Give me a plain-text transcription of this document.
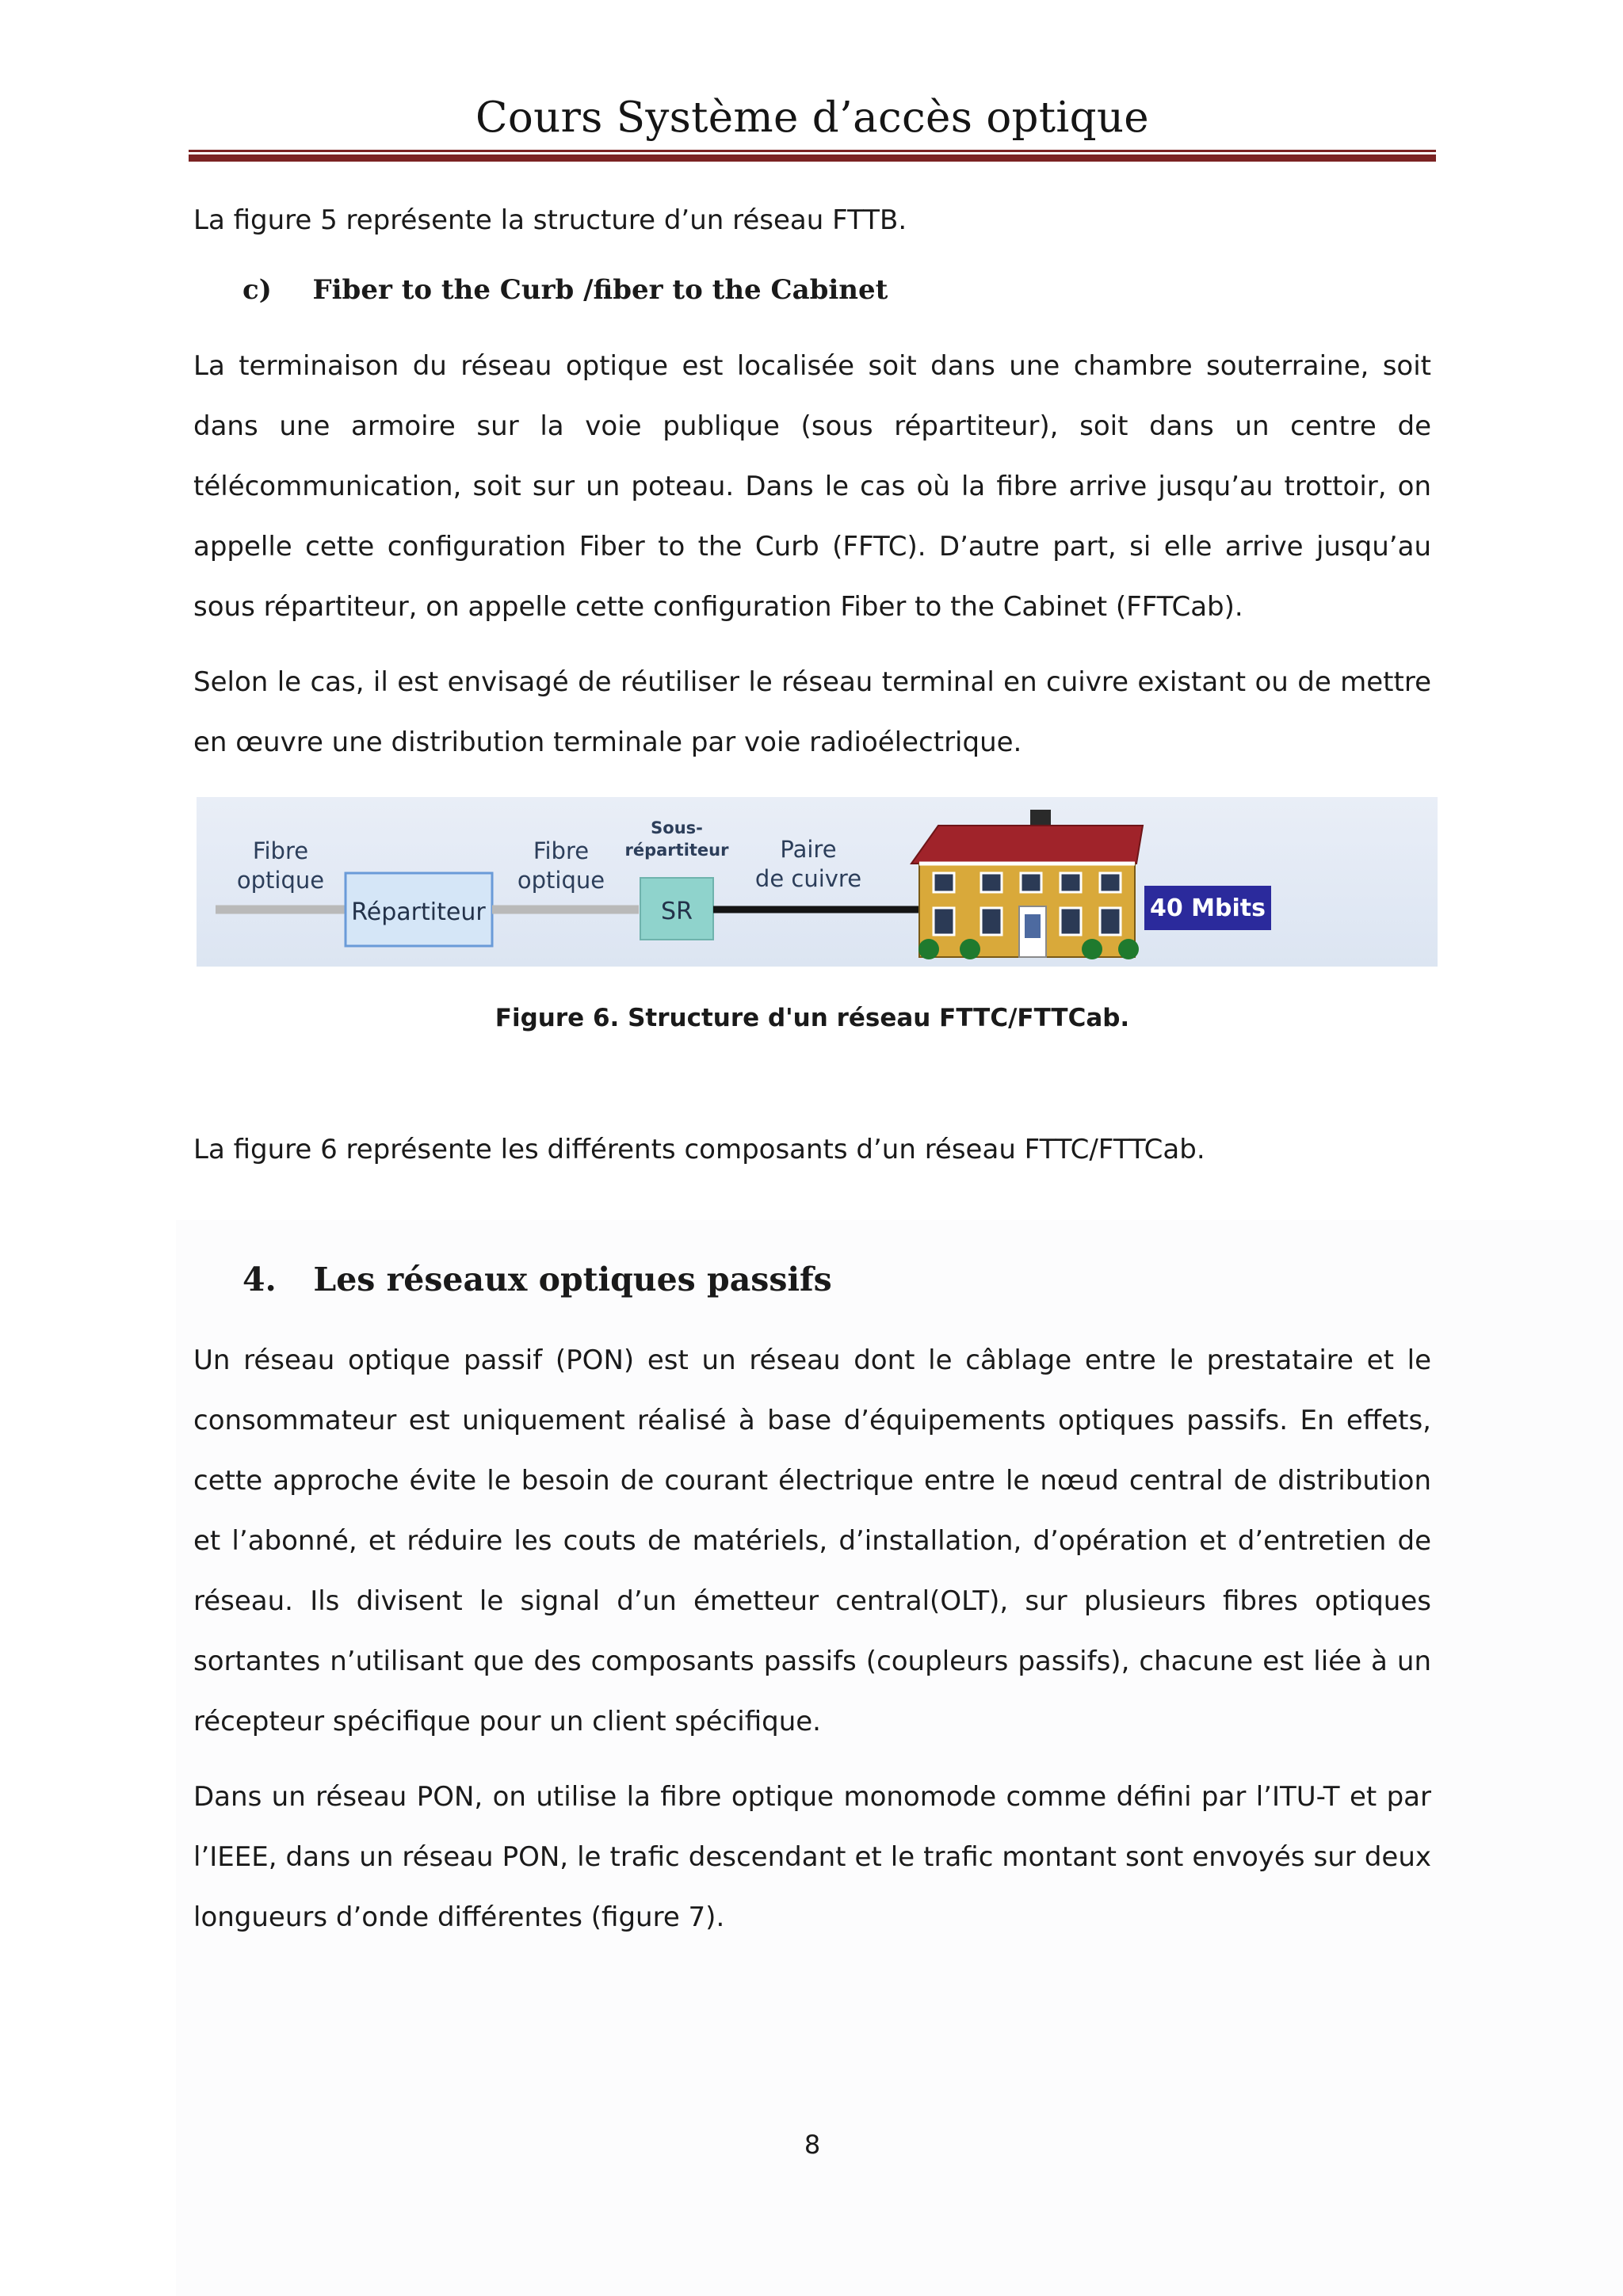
Cours Système d’accès optique

La figure 5 représente la structure d’un réseau FTTB.

c) Fiber to the Curb /fiber to the Cabinet

La terminaison du réseau optique est localisée soit dans une chambre souterraine, soit dans une armoire sur la voie publique (sous répartiteur), soit dans un centre de télécommunication, soit sur un poteau. Dans le cas où la fibre arrive jusqu’au trottoir, on appelle cette configuration Fiber to the Curb (FFTC). D’autre part, si elle arrive jusqu’au sous répartiteur, on appelle cette configuration Fiber to the Cabinet (FFTCab).

Selon le cas, il est envisagé de réutiliser le réseau terminal en cuivre existant ou de mettre en œuvre une distribution terminale par voie radioélectrique.

Fibre
optique
Répartiteur
Fibre
optique
Sous-
répartiteur
SR
Paire
de cuivre
40 Mbits
Figure 6. Structure d'un réseau FTTC/FTTCab.

La figure 6 représente les différents composants d’un réseau FTTC/FTTCab.

4. Les réseaux optiques passifs

Un réseau optique passif (PON) est un réseau dont le câblage entre le prestataire et le consommateur est uniquement réalisé à base d’équipements optiques passifs. En effets, cette approche évite le besoin de courant électrique entre le nœud central de distribution et l’abonné, et réduire les couts de matériels, d’installation, d’opération et d’entretien de réseau. Ils divisent le signal d’un émetteur central(OLT), sur plusieurs fibres optiques sortantes n’utilisant que des composants passifs (coupleurs passifs), chacune est liée à un récepteur spécifique pour un client spécifique.

Dans un réseau PON, on utilise la fibre optique monomode comme défini par l’ITU-T et par l’IEEE, dans un réseau PON, le trafic descendant et le trafic montant sont envoyés sur deux longueurs d’onde différentes (figure 7).

8
